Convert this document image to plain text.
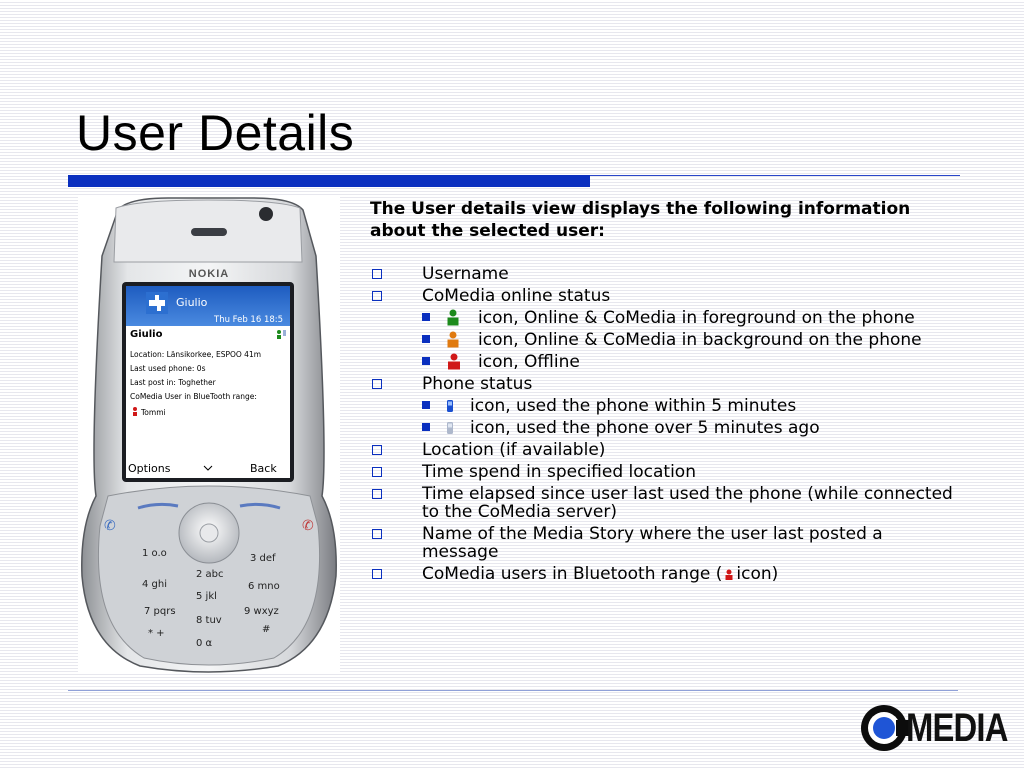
User Details
NOKIA
Giulio
Thu Feb 16 18:5
Giulio
Location: Länsikorkee, ESPOO 41m
Last used phone: 0s
Last post in: Toghether
CoMedia User in BlueTooth range:
Tommi
Options	Back
✆	✆
1 o.o
2 abc
3 def
4 ghi
5 jkl
6 mno
7 pqrs
8 tuv
9 wxyz
* +
0 ⍺
#
The User details view displays the following information about the selected user:
Username
CoMedia online status
icon, Online & CoMedia in foreground on the phone
icon, Online & CoMedia in background on the phone
icon, Offline
Phone status
icon, used the phone within 5 minutes
icon, used the phone over 5 minutes ago
Location (if available)
Time spend in specified location
Time elapsed since user last used the phone (while connected to the CoMedia server)
Name of the Media Story where the user last posted a message
CoMedia users in Bluetooth range ( icon)
MEDIA
